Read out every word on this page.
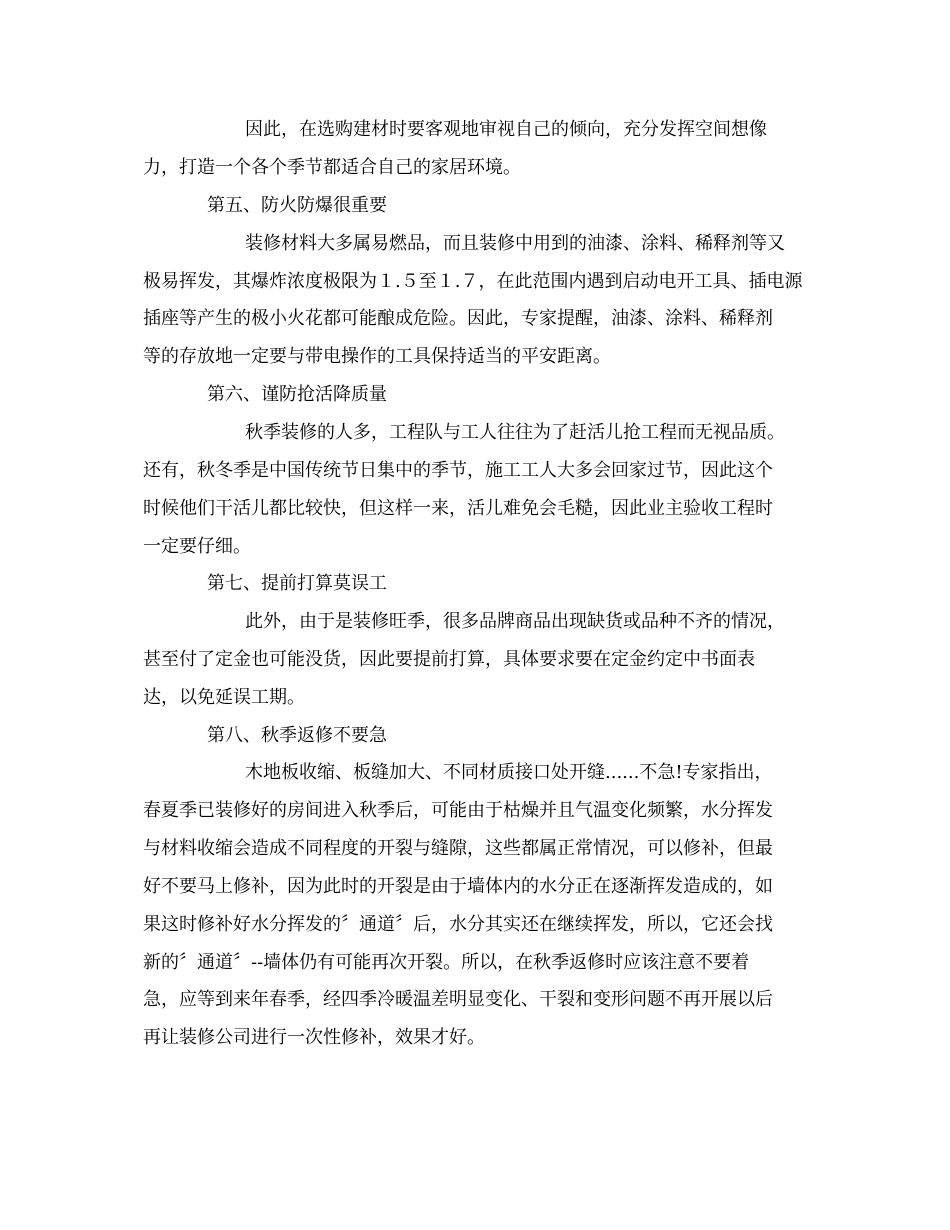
因此，在选购建材时要客观地审视自己的倾向，充分发挥空间想像
力，打造一个各个季节都适合自己的家居环境。
第五、防火防爆很重要
装修材料大多属易燃品，而且装修中用到的油漆、涂料、稀释剂等又
极易挥发，其爆炸浓度极限为１.５至１.７，在此范围内遇到启动电开工具、插电源
插座等产生的极小火花都可能酿成危险。因此，专家提醒，油漆、涂料、稀释剂
等的存放地一定要与带电操作的工具保持适当的平安距离。
第六、谨防抢活降质量
秋季装修的人多，工程队与工人往往为了赶活儿抢工程而无视品质。
还有，秋冬季是中国传统节日集中的季节，施工工人大多会回家过节，因此这个
时候他们干活儿都比较快，但这样一来，活儿难免会毛糙，因此业主验收工程时
一定要仔细。
第七、提前打算莫误工
此外，由于是装修旺季，很多品牌商品出现缺货或品种不齐的情况，
甚至付了定金也可能没货，因此要提前打算，具体要求要在定金约定中书面表
达，以免延误工期。
第八、秋季返修不要急
木地板收缩、板缝加大、不同材质接口处开缝......不急!专家指出，
春夏季已装修好的房间进入秋季后，可能由于枯燥并且气温变化频繁，水分挥发
与材料收缩会造成不同程度的开裂与缝隙，这些都属正常情况，可以修补，但最
好不要马上修补，因为此时的开裂是由于墙体内的水分正在逐渐挥发造成的，如
果这时修补好水分挥发的〞通道〞后，水分其实还在继续挥发，所以，它还会找
新的〞通道〞--墙体仍有可能再次开裂。所以，在秋季返修时应该注意不要着
急，应等到来年春季，经四季冷暖温差明显变化、干裂和变形问题不再开展以后
再让装修公司进行一次性修补，效果才好。
